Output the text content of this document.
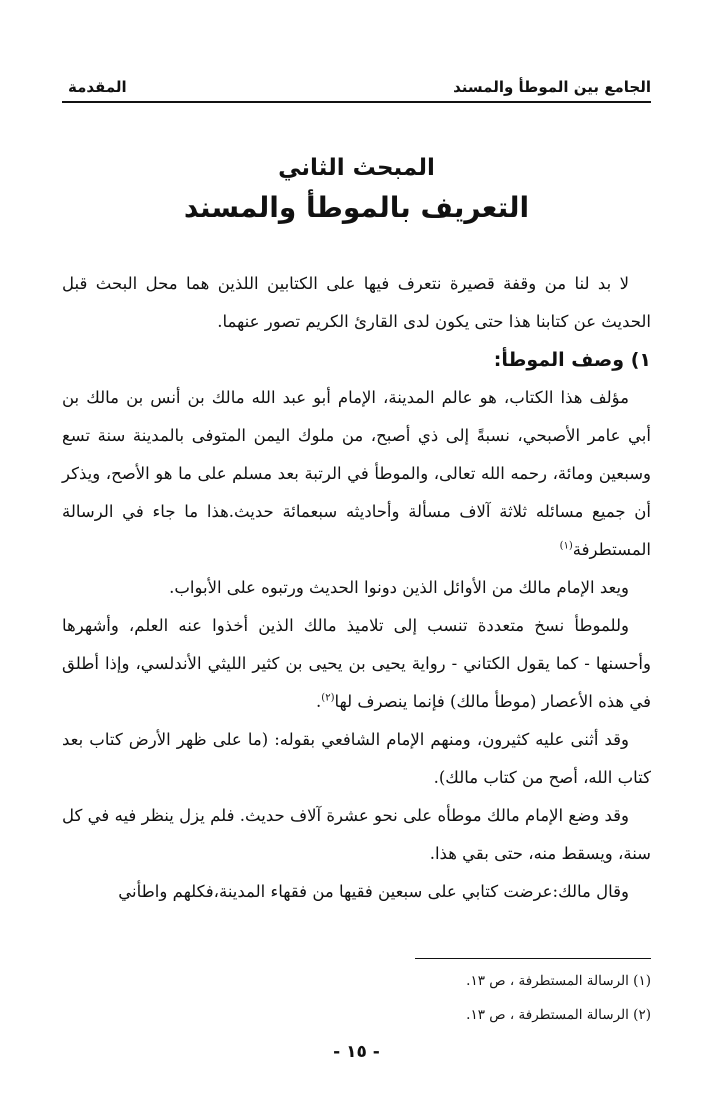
الجامع بين الموطأ والمسند
المقدمة
المبحث الثاني
التعريف بالموطأ والمسند

لا بد لنا من وقفة قصيرة نتعرف فيها على الكتابين اللذين هما محل البحث قبل الحديث عن كتابنا هذا حتى يكون لدى القارئ الكريم تصور عنهما.

١) وصف الموطأ:

مؤلف هذا الكتاب، هو عالم المدينة، الإمام أبو عبد الله مالك بن أنس بن مالك بن أبي عامر الأصبحي، نسبةً إلى ذي أصبح، من ملوك اليمن المتوفى بالمدينة سنة تسع وسبعين ومائة، رحمه الله تعالى، والموطأ في الرتبة بعد مسلم على ما هو الأصح، ويذكر أن جميع مسائله ثلاثة آلاف مسألة وأحاديثه سبعمائة حديث.هذا ما جاء في الرسالة المستطرفة$^{(١)}$

ويعد الإمام مالك من الأوائل الذين دونوا الحديث ورتبوه على الأبواب.

وللموطأ نسخ متعددة تنسب إلى تلاميذ مالك الذين أخذوا عنه العلم، وأشهرها وأحسنها - كما يقول الكتاني - رواية يحيى بن يحيى بن كثير الليثي الأندلسي، وإذا أطلق في هذه الأعصار (موطأ مالك) فإنما ينصرف لها$^{(٢)}$.

وقد أثنى عليه كثيرون، ومنهم الإمام الشافعي بقوله: (ما على ظهر الأرض كتاب بعد كتاب الله، أصح من كتاب مالك).

وقد وضع الإمام مالك موطأه على نحو عشرة آلاف حديث. فلم يزل ينظر فيه في كل سنة، ويسقط منه، حتى بقي هذا.

وقال مالك:عرضت كتابي على سبعين فقيها من فقهاء المدينة،فكلهم واطأني

(١) الرسالة المستطرفة ، ص ١٣.
(٢) الرسالة المستطرفة ، ص ١٣.
- ١٥ -
